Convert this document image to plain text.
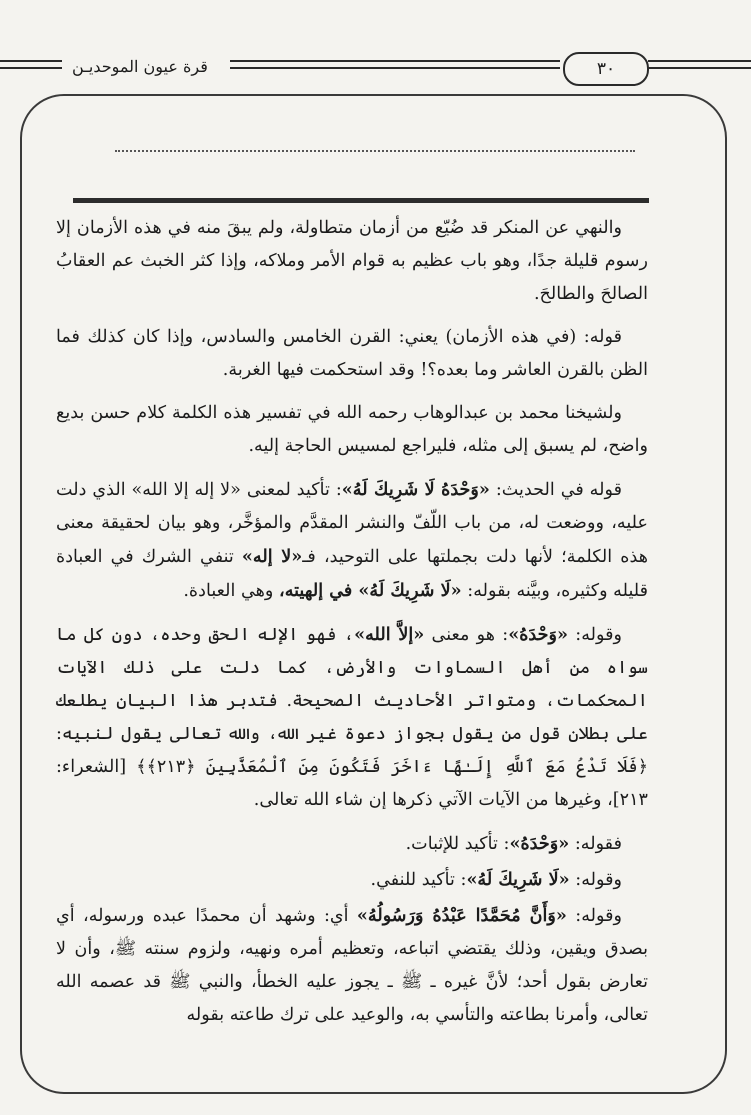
قرة عيون الموحديـن	٣٠

والنهي عن المنكر قد ضُيّع من أزمان متطاولة، ولم يبقَ منه في هذه الأزمان إلا رسوم قليلة جدًا، وهو باب عظيم به قوام الأمر وملاكه، وإذا كثر الخبث عم العقابُ الصالحَ والطالحَ.

قوله: (في هذه الأزمان) يعني: القرن الخامس والسادس، وإذا كان كذلك فما الظن بالقرن العاشر وما بعده؟! وقد استحكمت فيها الغربة.

ولشيخنا محمد بن عبدالوهاب رحمه الله في تفسير هذه الكلمة كلام حسن بديع واضح، لم يسبق إلى مثله، فليراجع لمسيس الحاجة إليه.

قوله في الحديث: «وَحْدَهُ لَا شَرِيكَ لَهُ»: تأكيد لمعنى «لا إله إلا الله» الذي دلت عليه، ووضعت له، من باب اللّفّ والنشر المقدَّم والمؤخَّر، وهو بيان لحقيقة معنى هذه الكلمة؛ لأنها دلت بجملتها على التوحيد، فـ«لا إله» تنفي الشرك في العبادة قليله وكثيره، وبيَّنه بقوله: «لَا شَرِيكَ لَهُ» في إلهيته، وهي العبادة.

وقوله: «وَحْدَهُ»: هو معنى «إلاَّ الله»، فهو الإله الحق وحده، دون كل ما سواه من أهل السماوات والأرض، كما دلت على ذلك الآيات المحكمات، ومتواتر الأحاديث الصحيحة. فتدبر هذا البيان يطلعك على بطلان قول من يقول بجواز دعوة غير الله، والله تعالى يقول لنبيه: ﴿فَلَا تَدْعُ مَعَ ٱللَّهِ إِلَـٰهًا ءَاخَرَ فَتَكُونَ مِنَ ٱلْمُعَذَّبِينَ ﴿٢١٣﴾﴾ [الشعراء: ٢١٣]، وغيرها من الآيات الآتي ذكرها إن شاء الله تعالى.

فقوله: «وَحْدَهُ»: تأكيد للإثبات.

وقوله: «لَا شَرِيكَ لَهُ»: تأكيد للنفي.

وقوله: «وَأَنَّ مُحَمَّدًا عَبْدُهُ وَرَسُولُهُ» أي: وشهد أن محمدًا عبده ورسوله، أي بصدق ويقين، وذلك يقتضي اتباعه، وتعظيم أمره ونهيه، ولزوم سنته ﷺ، وأن لا تعارض بقول أحد؛ لأنَّ غيره ـ ﷺ ـ يجوز عليه الخطأ، والنبي ﷺ قد عصمه الله تعالى، وأمرنا بطاعته والتأسي به، والوعيد على ترك طاعته بقوله
